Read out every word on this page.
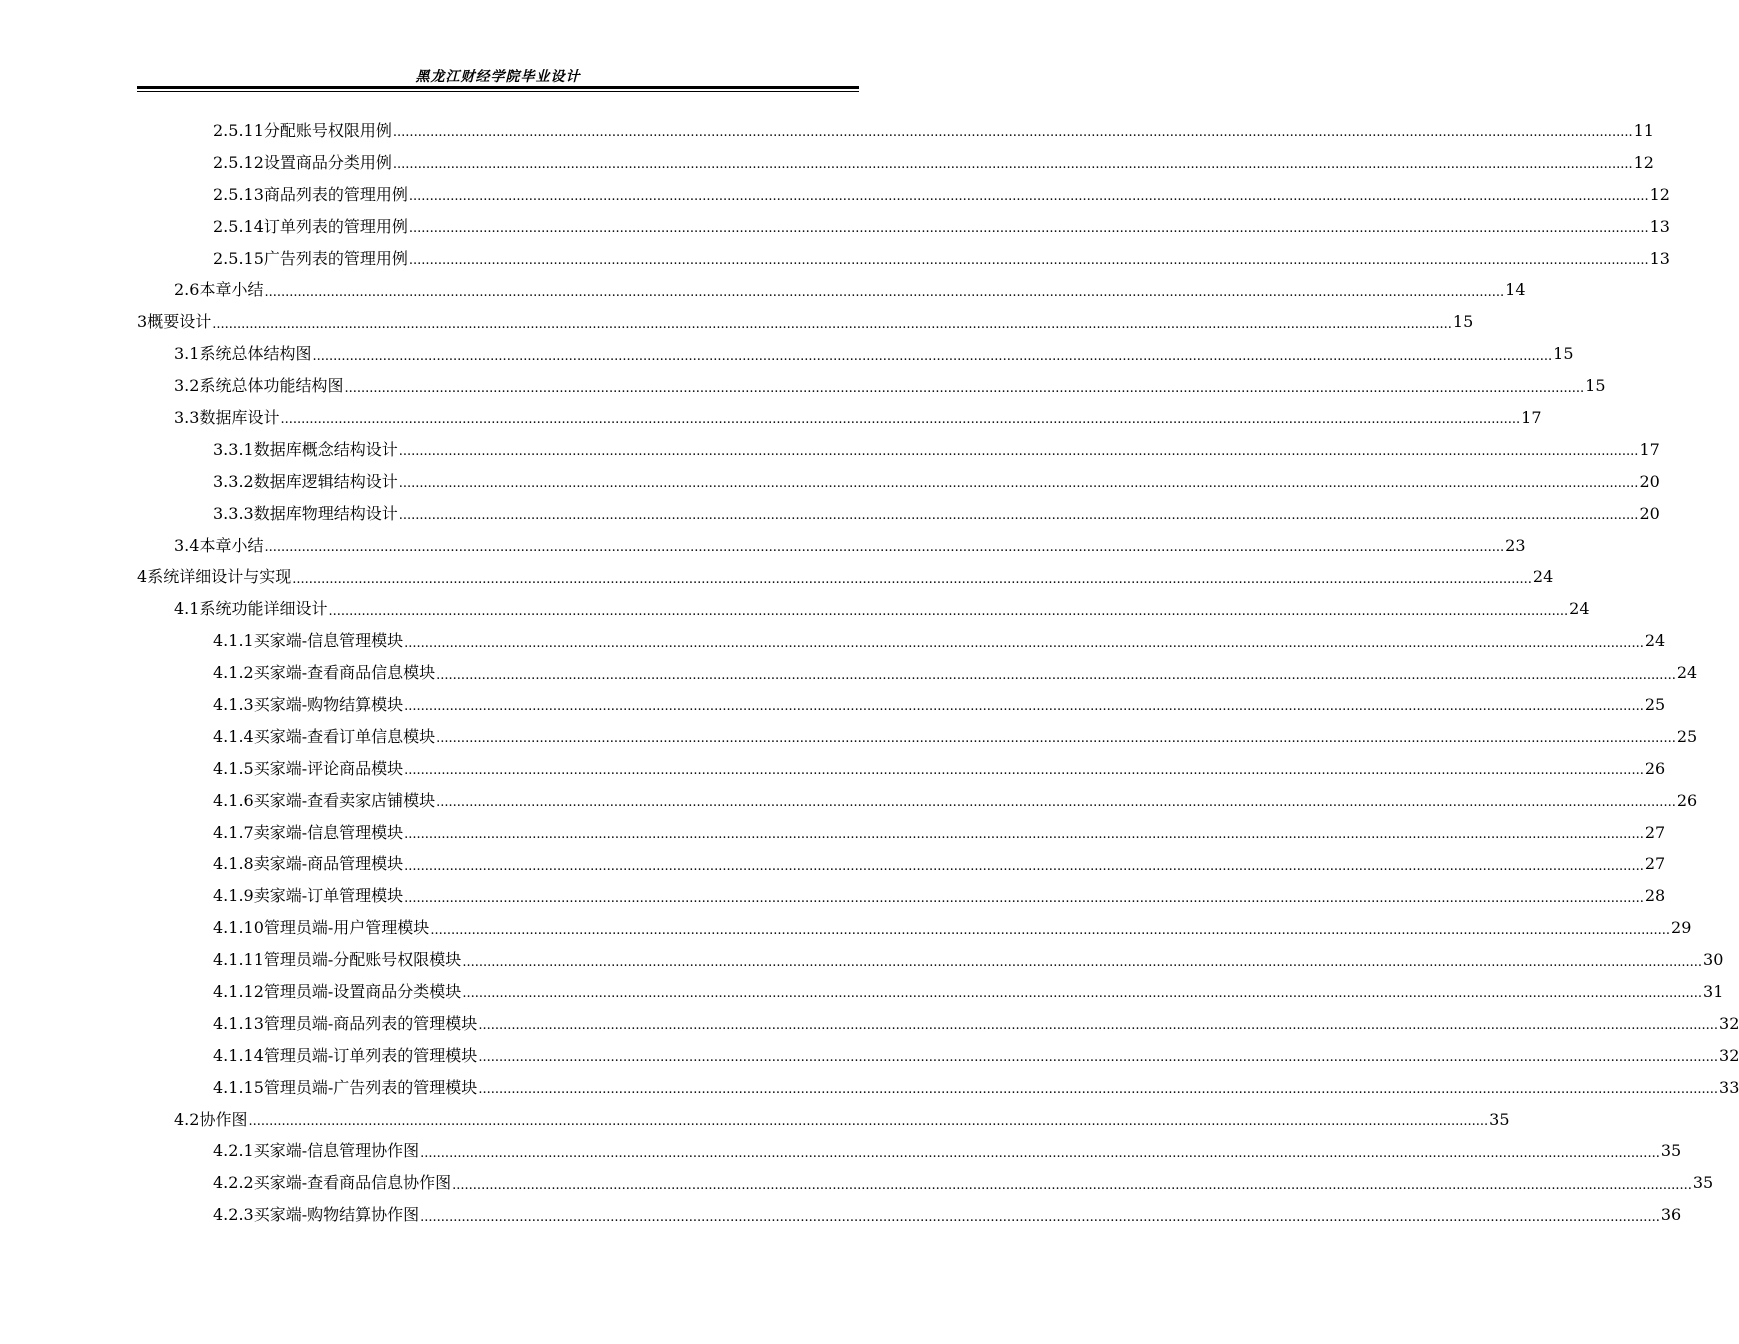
黑龙江财经学院毕业设计
2.5.11 分配账号权限用例 ............................................................................................................................................................................................................................................................................................................ 11
2.5.12 设置商品分类用例 ............................................................................................................................................................................................................................................................................................................ 12
2.5.13 商品列表的管理用例 ............................................................................................................................................................................................................................................................................................................ 12
2.5.14 订单列表的管理用例 ............................................................................................................................................................................................................................................................................................................ 13
2.5.15 广告列表的管理用例 ............................................................................................................................................................................................................................................................................................................ 13
2.6 本章小结 ............................................................................................................................................................................................................................................................................................................ 14
3 概要设计 ............................................................................................................................................................................................................................................................................................................ 15
3.1 系统总体结构图 ............................................................................................................................................................................................................................................................................................................ 15
3.2 系统总体功能结构图 ............................................................................................................................................................................................................................................................................................................ 15
3.3 数据库设计 ............................................................................................................................................................................................................................................................................................................ 17
3.3.1 数据库概念结构设计 ............................................................................................................................................................................................................................................................................................................ 17
3.3.2 数据库逻辑结构设计 ............................................................................................................................................................................................................................................................................................................ 20
3.3.3 数据库物理结构设计 ............................................................................................................................................................................................................................................................................................................ 20
3.4 本章小结 ............................................................................................................................................................................................................................................................................................................ 23
4 系统详细设计与实现 ............................................................................................................................................................................................................................................................................................................ 24
4.1 系统功能详细设计 ............................................................................................................................................................................................................................................................................................................ 24
4.1.1 买家端-信息管理模块 ............................................................................................................................................................................................................................................................................................................ 24
4.1.2 买家端-查看商品信息模块 ............................................................................................................................................................................................................................................................................................................ 24
4.1.3 买家端-购物结算模块 ............................................................................................................................................................................................................................................................................................................ 25
4.1.4 买家端-查看订单信息模块 ............................................................................................................................................................................................................................................................................................................ 25
4.1.5 买家端-评论商品模块 ............................................................................................................................................................................................................................................................................................................ 26
4.1.6 买家端-查看卖家店铺模块 ............................................................................................................................................................................................................................................................................................................ 26
4.1.7 卖家端-信息管理模块 ............................................................................................................................................................................................................................................................................................................ 27
4.1.8 卖家端-商品管理模块 ............................................................................................................................................................................................................................................................................................................ 27
4.1.9 卖家端-订单管理模块 ............................................................................................................................................................................................................................................................................................................ 28
4.1.10 管理员端-用户管理模块 ............................................................................................................................................................................................................................................................................................................ 29
4.1.11 管理员端-分配账号权限模块 ............................................................................................................................................................................................................................................................................................................ 30
4.1.12 管理员端-设置商品分类模块 ............................................................................................................................................................................................................................................................................................................ 31
4.1.13 管理员端-商品列表的管理模块 ............................................................................................................................................................................................................................................................................................................ 32
4.1.14 管理员端-订单列表的管理模块 ............................................................................................................................................................................................................................................................................................................ 32
4.1.15 管理员端-广告列表的管理模块 ............................................................................................................................................................................................................................................................................................................ 33
4.2 协作图 ............................................................................................................................................................................................................................................................................................................ 35
4.2.1 买家端-信息管理协作图 ............................................................................................................................................................................................................................................................................................................ 35
4.2.2 买家端-查看商品信息协作图 ............................................................................................................................................................................................................................................................................................................ 35
4.2.3 买家端-购物结算协作图 ............................................................................................................................................................................................................................................................................................................ 36
